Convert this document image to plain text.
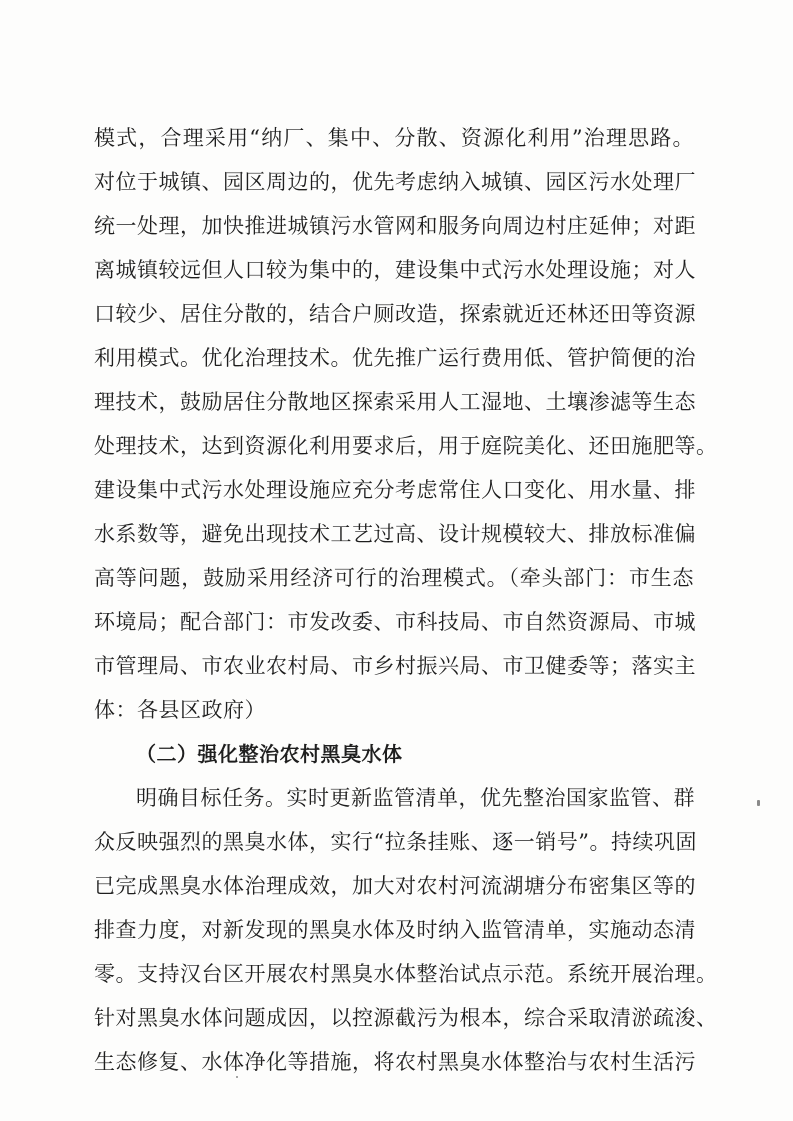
模式，合理采用“纳厂、集中、分散、资源化利用”治理思路。
对位于城镇、园区周边的，优先考虑纳入城镇、园区污水处理厂
统一处理，加快推进城镇污水管网和服务向周边村庄延伸；对距
离城镇较远但人口较为集中的，建设集中式污水处理设施；对人
口较少、居住分散的，结合户厕改造，探索就近还林还田等资源
利用模式。优化治理技术。优先推广运行费用低、管护简便的治
理技术，鼓励居住分散地区探索采用人工湿地、土壤渗滤等生态
处理技术，达到资源化利用要求后，用于庭院美化、还田施肥等。
建设集中式污水处理设施应充分考虑常住人口变化、用水量、排
水系数等，避免出现技术工艺过高、设计规模较大、排放标准偏
高等问题，鼓励采用经济可行的治理模式。（牵头部门：市生态
环境局；配合部门：市发改委、市科技局、市自然资源局、市城
市管理局、市农业农村局、市乡村振兴局、市卫健委等；落实主
体：各县区政府）
（二）强化整治农村黑臭水体
明确目标任务。实时更新监管清单，优先整治国家监管、群
众反映强烈的黑臭水体，实行“拉条挂账、逐一销号”。持续巩固
已完成黑臭水体治理成效，加大对农村河流湖塘分布密集区等的
排查力度，对新发现的黑臭水体及时纳入监管清单，实施动态清
零。支持汉台区开展农村黑臭水体整治试点示范。系统开展治理。
针对黑臭水体问题成因，以控源截污为根本，综合采取清淤疏浚、
生态修复、水体净化等措施，将农村黑臭水体整治与农村生活污
